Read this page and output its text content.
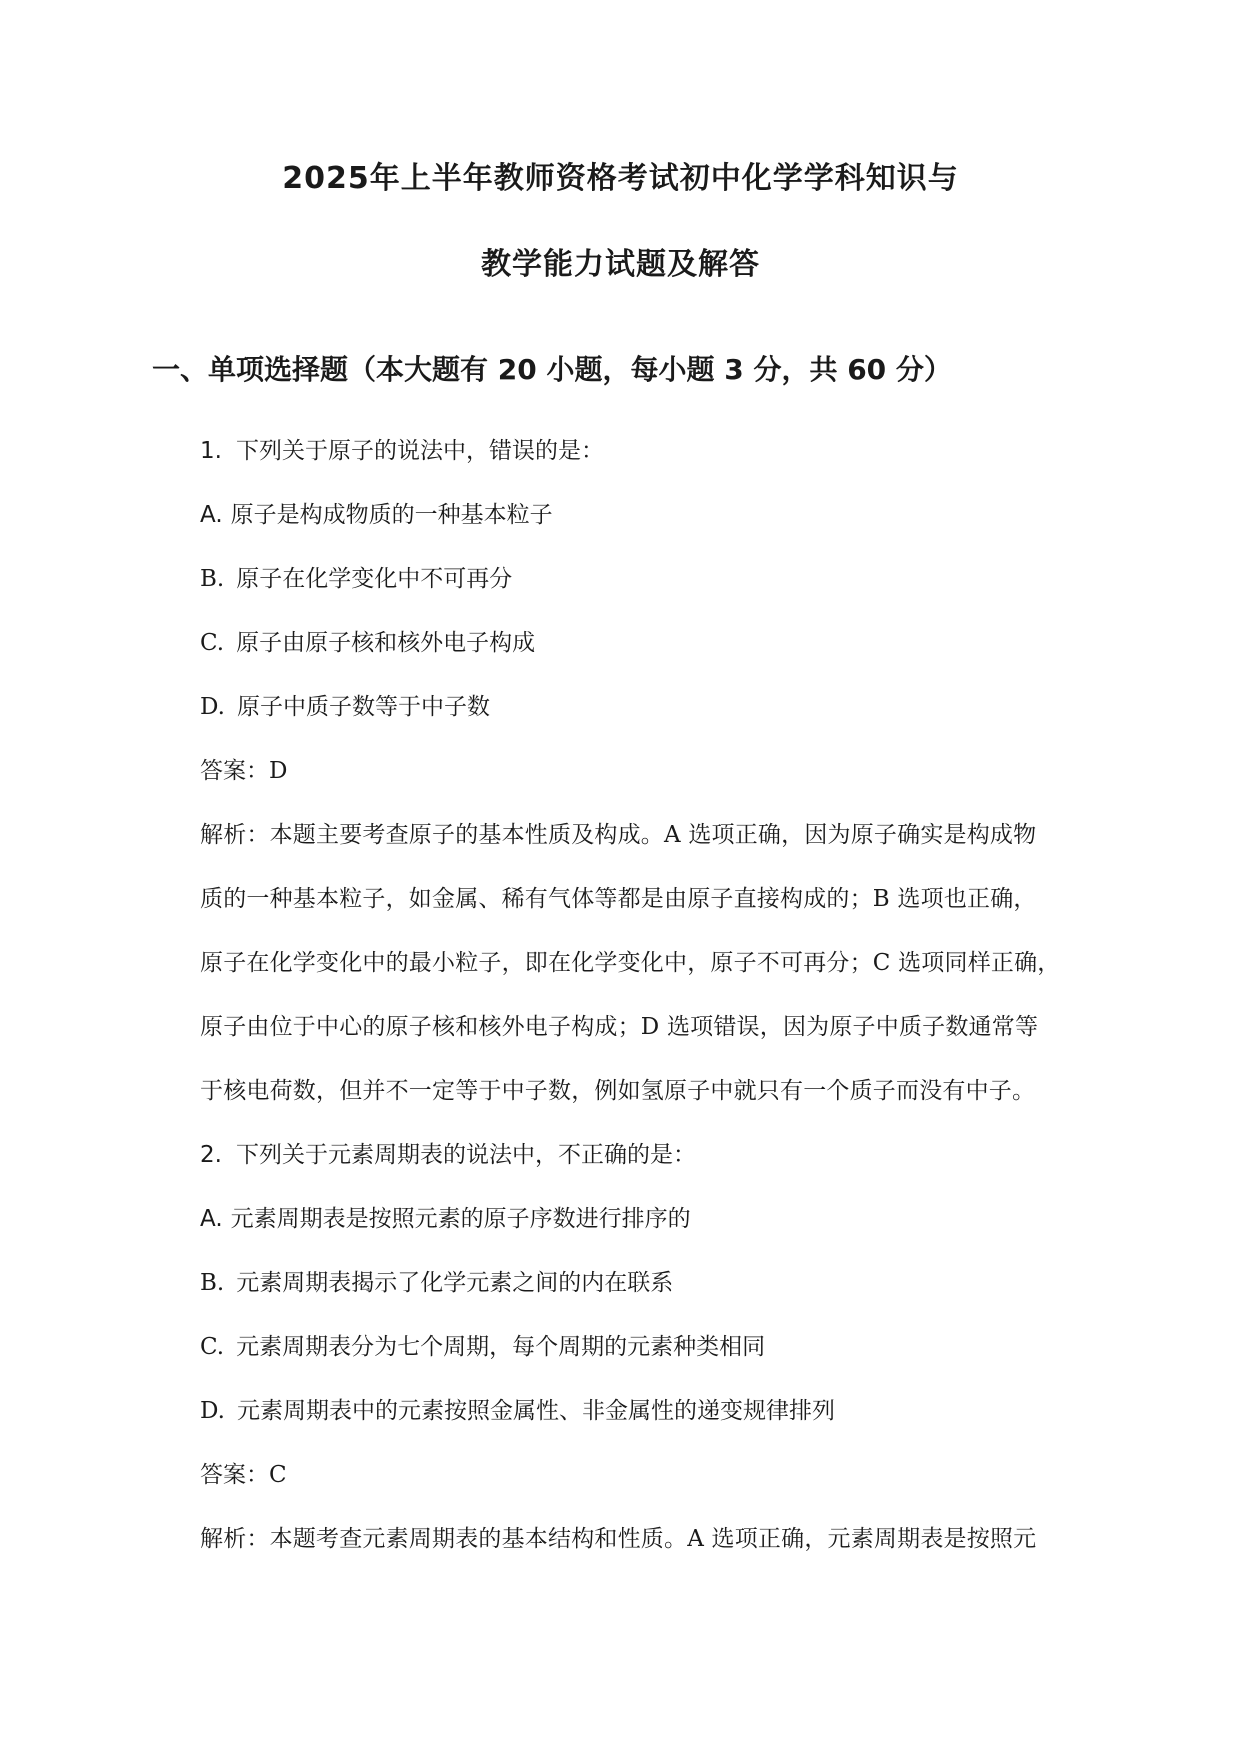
2025年上半年教师资格考试初中化学学科知识与
教学能力试题及解答
一、单项选择题（本大题有 20 小题，每小题 3 分，共 60 分）
1. 下列关于原子的说法中，错误的是：
A. 原子是构成物质的一种基本粒子
B. 原子在化学变化中不可再分
C. 原子由原子核和核外电子构成
D. 原子中质子数等于中子数
答案：D
解析：本题主要考查原子的基本性质及构成。A 选项正确，因为原子确实是构成物
质的一种基本粒子，如金属、稀有气体等都是由原子直接构成的；B 选项也正确，
原子在化学变化中的最小粒子，即在化学变化中，原子不可再分；C 选项同样正确，
原子由位于中心的原子核和核外电子构成；D 选项错误，因为原子中质子数通常等
于核电荷数，但并不一定等于中子数，例如氢原子中就只有一个质子而没有中子。
2. 下列关于元素周期表的说法中，不正确的是：
A. 元素周期表是按照元素的原子序数进行排序的
B. 元素周期表揭示了化学元素之间的内在联系
C. 元素周期表分为七个周期，每个周期的元素种类相同
D. 元素周期表中的元素按照金属性、非金属性的递变规律排列
答案：C
解析：本题考查元素周期表的基本结构和性质。A 选项正确，元素周期表是按照元
